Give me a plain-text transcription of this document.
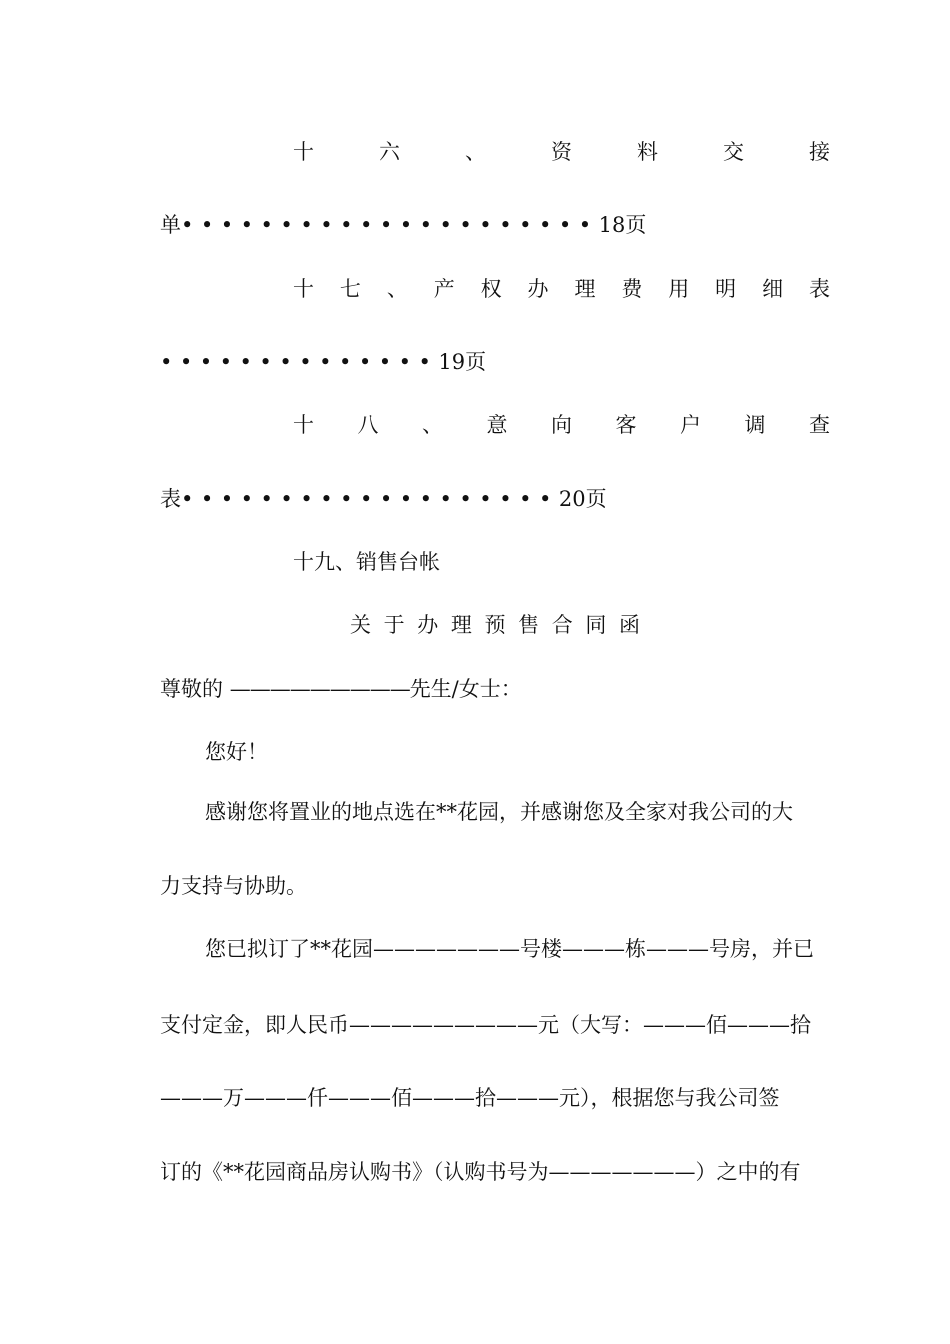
十	六	、	资	料	交	接
单•••••••••••••••••••••18页
十 七 、 产 权 办 理 费 用 明 细 表
••••••••••••••19页
十 八 、 意 向 客 户 调 查
表•••••••••••••••••••20页
十九、销售台帐
关 于 办 理 预 售 合 同 函
尊敬的 —————————先生/女士：
您好！
感谢您将置业的地点选在**花园，并感谢您及全家对我公司的大
力支持与协助。
您已拟订了**花园———————号楼———栋———号房，并已
支付定金，即人民币—————————元（大写：———佰———拾
———万———仟———佰———拾———元），根据您与我公司签
订的《**花园商品房认购书》（认购书号为———————）之中的有
